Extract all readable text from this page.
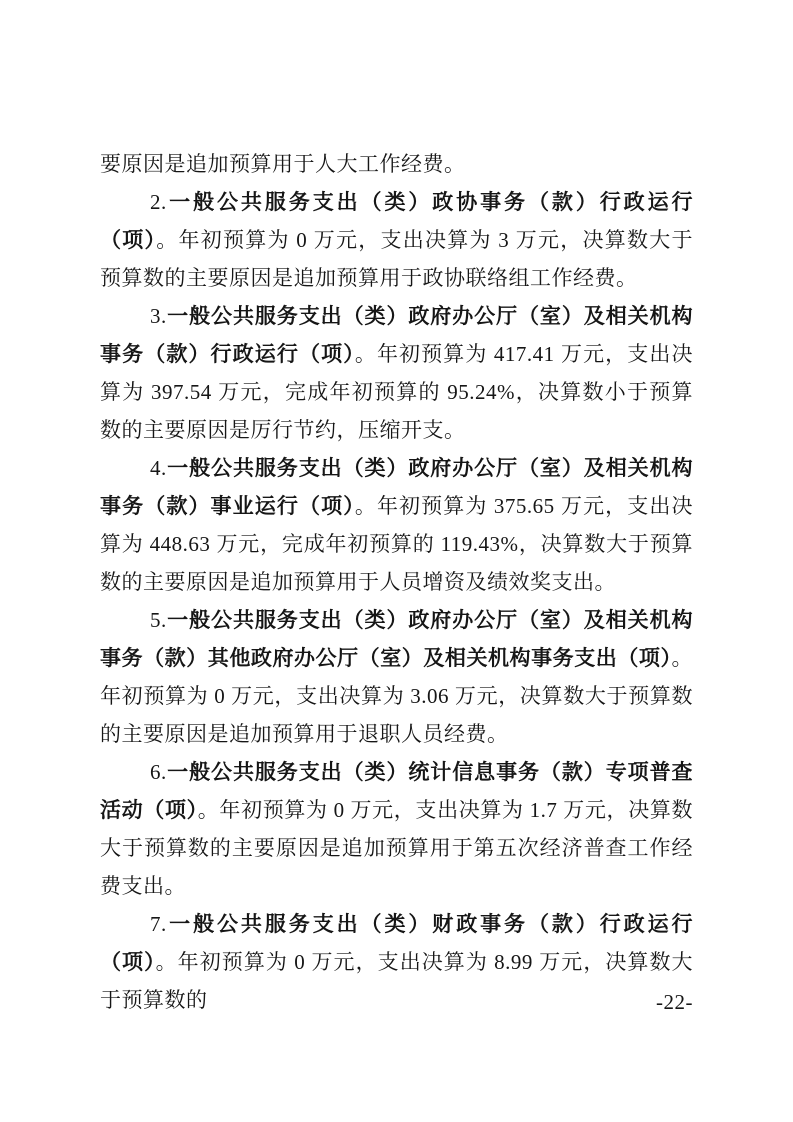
要原因是追加预算用于人大工作经费。

2.一般公共服务支出（类）政协事务（款）行政运行（项）。年初预算为 0 万元，支出决算为 3 万元，决算数大于预算数的主要原因是追加预算用于政协联络组工作经费。

3.一般公共服务支出（类）政府办公厅（室）及相关机构事务（款）行政运行（项）。年初预算为 417.41 万元，支出决算为 397.54 万元，完成年初预算的 95.24%，决算数小于预算数的主要原因是厉行节约，压缩开支。

4.一般公共服务支出（类）政府办公厅（室）及相关机构事务（款）事业运行（项）。年初预算为 375.65 万元，支出决算为 448.63 万元，完成年初预算的 119.43%，决算数大于预算数的主要原因是追加预算用于人员增资及绩效奖支出。

5.一般公共服务支出（类）政府办公厅（室）及相关机构事务（款）其他政府办公厅（室）及相关机构事务支出（项）。年初预算为 0 万元，支出决算为 3.06 万元，决算数大于预算数的主要原因是追加预算用于退职人员经费。

6.一般公共服务支出（类）统计信息事务（款）专项普查活动（项）。年初预算为 0 万元，支出决算为 1.7 万元，决算数大于预算数的主要原因是追加预算用于第五次经济普查工作经费支出。

7.一般公共服务支出（类）财政事务（款）行政运行（项）。年初预算为 0 万元，支出决算为 8.99 万元，决算数大于预算数的	-22-
